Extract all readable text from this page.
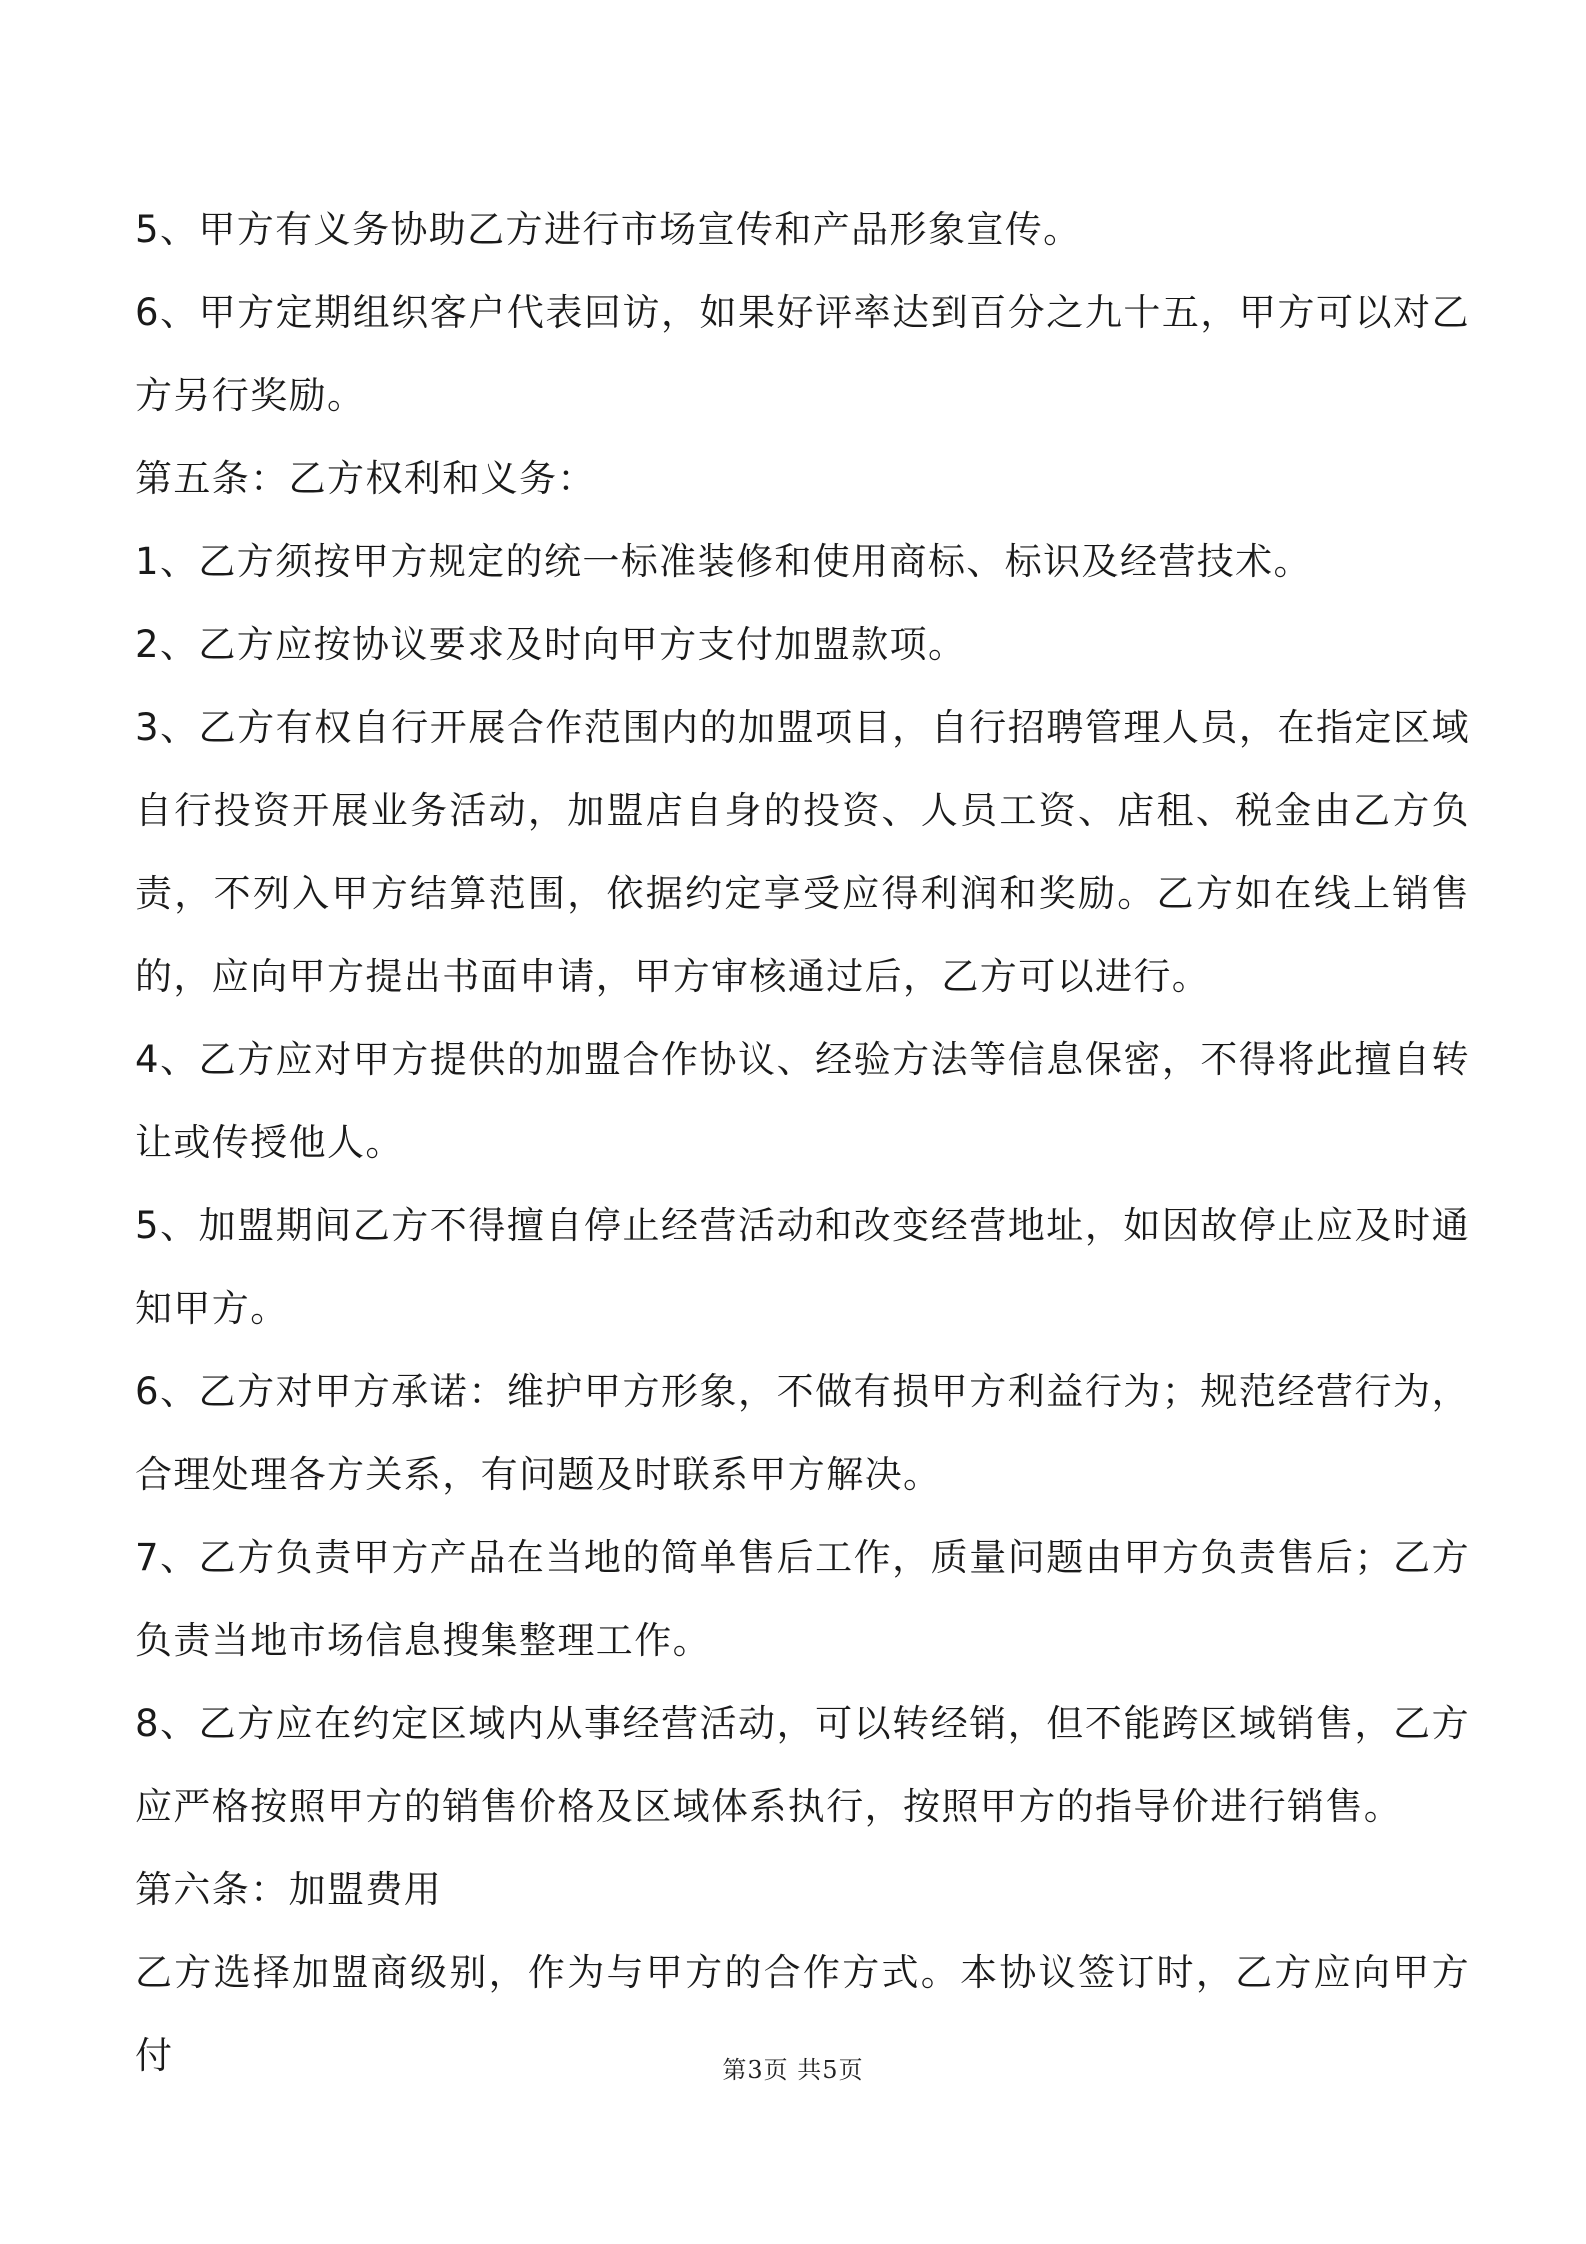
5、甲方有义务协助乙方进行市场宣传和产品形象宣传。

6、甲方定期组织客户代表回访，如果好评率达到百分之九十五，甲方可以对乙方另行奖励。

第五条：乙方权利和义务：

1、乙方须按甲方规定的统一标准装修和使用商标、标识及经营技术。

2、乙方应按协议要求及时向甲方支付加盟款项。

3、乙方有权自行开展合作范围内的加盟项目，自行招聘管理人员，在指定区域自行投资开展业务活动，加盟店自身的投资、人员工资、店租、税金由乙方负责，不列入甲方结算范围，依据约定享受应得利润和奖励。乙方如在线上销售的，应向甲方提出书面申请，甲方审核通过后，乙方可以进行。

4、乙方应对甲方提供的加盟合作协议、经验方法等信息保密，不得将此擅自转让或传授他人。

5、加盟期间乙方不得擅自停止经营活动和改变经营地址，如因故停止应及时通知甲方。

6、乙方对甲方承诺：维护甲方形象，不做有损甲方利益行为；规范经营行为，合理处理各方关系，有问题及时联系甲方解决。

7、乙方负责甲方产品在当地的简单售后工作，质量问题由甲方负责售后；乙方负责当地市场信息搜集整理工作。

8、乙方应在约定区域内从事经营活动，可以转经销，但不能跨区域销售，乙方应严格按照甲方的销售价格及区域体系执行，按照甲方的指导价进行销售。

第六条：加盟费用

乙方选择加盟商级别，作为与甲方的合作方式。本协议签订时，乙方应向甲方付	第3页 共5页
